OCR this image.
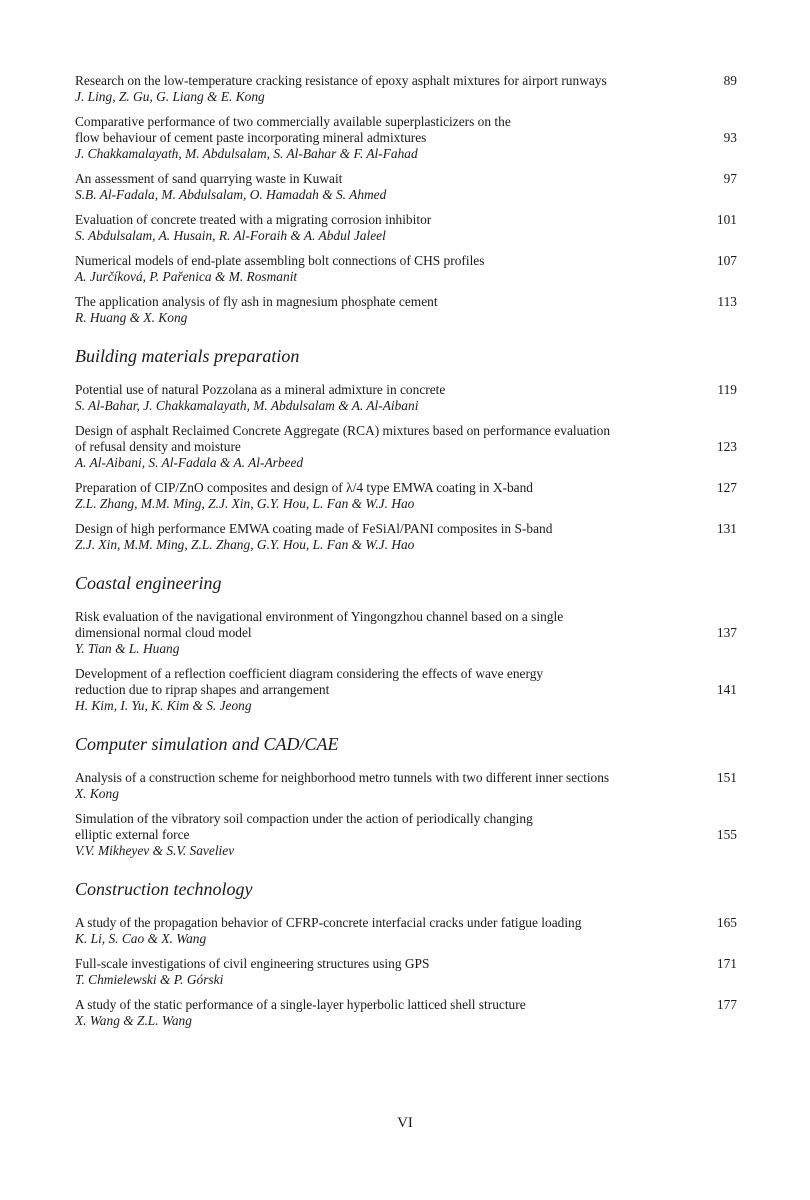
89
Research on the low-temperature cracking resistance of epoxy asphalt mixtures for airport runways
J. Ling, Z. Gu, G. Liang & E. Kong
93
Comparative performance of two commercially available superplasticizers on the
flow behaviour of cement paste incorporating mineral admixtures
J. Chakkamalayath, M. Abdulsalam, S. Al-Bahar & F. Al-Fahad
97
An assessment of sand quarrying waste in Kuwait
S.B. Al-Fadala, M. Abdulsalam, O. Hamadah & S. Ahmed
101
Evaluation of concrete treated with a migrating corrosion inhibitor
S. Abdulsalam, A. Husain, R. Al-Foraih & A. Abdul Jaleel
107
Numerical models of end-plate assembling bolt connections of CHS profiles
A. Jurčíková, P. Pařenica & M. Rosmanit
113
The application analysis of fly ash in magnesium phosphate cement
R. Huang & X. Kong
Building materials preparation
119
Potential use of natural Pozzolana as a mineral admixture in concrete
S. Al-Bahar, J. Chakkamalayath, M. Abdulsalam & A. Al-Aibani
123
Design of asphalt Reclaimed Concrete Aggregate (RCA) mixtures based on performance evaluation
of refusal density and moisture
A. Al-Aibani, S. Al-Fadala & A. Al-Arbeed
127
Preparation of CIP/ZnO composites and design of λ/4 type EMWA coating in X-band
Z.L. Zhang, M.M. Ming, Z.J. Xin, G.Y. Hou, L. Fan & W.J. Hao
131
Design of high performance EMWA coating made of FeSiAl/PANI composites in S-band
Z.J. Xin, M.M. Ming, Z.L. Zhang, G.Y. Hou, L. Fan & W.J. Hao
Coastal engineering
137
Risk evaluation of the navigational environment of Yingongzhou channel based on a single
dimensional normal cloud model
Y. Tian & L. Huang
141
Development of a reflection coefficient diagram considering the effects of wave energy
reduction due to riprap shapes and arrangement
H. Kim, I. Yu, K. Kim & S. Jeong
Computer simulation and CAD/CAE
151
Analysis of a construction scheme for neighborhood metro tunnels with two different inner sections
X. Kong
155
Simulation of the vibratory soil compaction under the action of periodically changing
elliptic external force
V.V. Mikheyev & S.V. Saveliev
Construction technology
165
A study of the propagation behavior of CFRP-concrete interfacial cracks under fatigue loading
K. Li, S. Cao & X. Wang
171
Full-scale investigations of civil engineering structures using GPS
T. Chmielewski & P. Górski
177
A study of the static performance of a single-layer hyperbolic latticed shell structure
X. Wang & Z.L. Wang
VI
